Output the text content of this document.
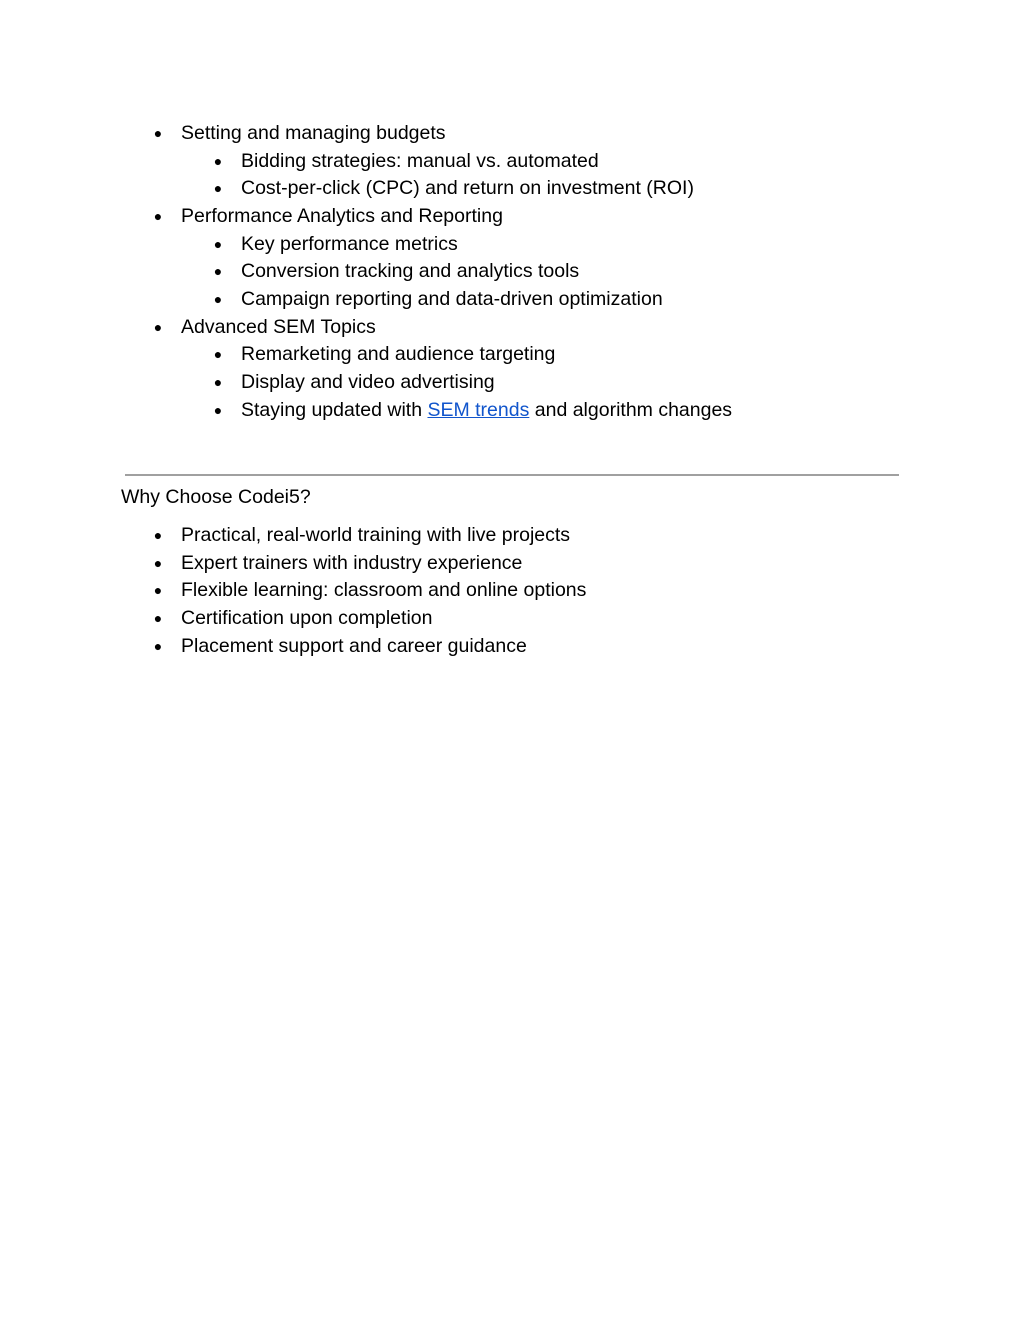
● Setting and managing budgets
● Bidding strategies: manual vs. automated
● Cost-per-click (CPC) and return on investment (ROI)
● Performance Analytics and Reporting
● Key performance metrics
● Conversion tracking and analytics tools
● Campaign reporting and data-driven optimization
● Advanced SEM Topics
● Remarketing and audience targeting
● Display and video advertising
● Staying updated with SEM trends and algorithm changes
Why Choose Codei5?
● Practical, real-world training with live projects
● Expert trainers with industry experience
● Flexible learning: classroom and online options
● Certification upon completion
● Placement support and career guidance
